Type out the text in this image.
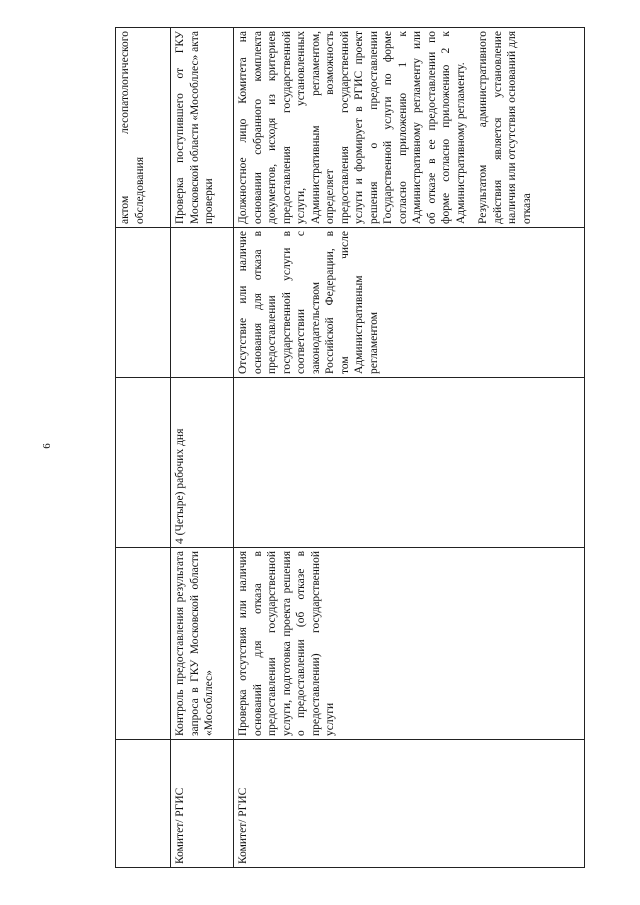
6
				актом лесопатологического обследования
Комитет/ РГИС	Контроль предоставления результата запроса в ГКУ Московской области «Мособллес»	4 (Четыре) рабочих дня		Проверка поступившего от ГКУ Московской области «Мособллес» акта проверки
Комитет/ РГИС	Проверка отсутствия или наличия оснований для отказа в предоставлении государственной услуги, подготовка проекта решения о предоставлении (об отказе в предоставлении) государственной услуги		Отсутствие или наличие основания для отказа в предоставлении государственной услуги в соответствии с законодательством Российской Федерации, в том числе Административным регламентом	Должностное лицо Комитета на основании собранного комплекта документов, исходя из критериев предоставления государственной услуги, установленных Административным регламентом, определяет возможность предоставления государственной услуги и формирует в РГИС проект решения о предоставлении Государственной услуги по форме согласно приложению 1 к Административному регламенту или об отказе в ее предоставлении по форме согласно приложению 2 к Административному регламенту. Результатом административного действия является установление наличия или отсутствия оснований для отказа
